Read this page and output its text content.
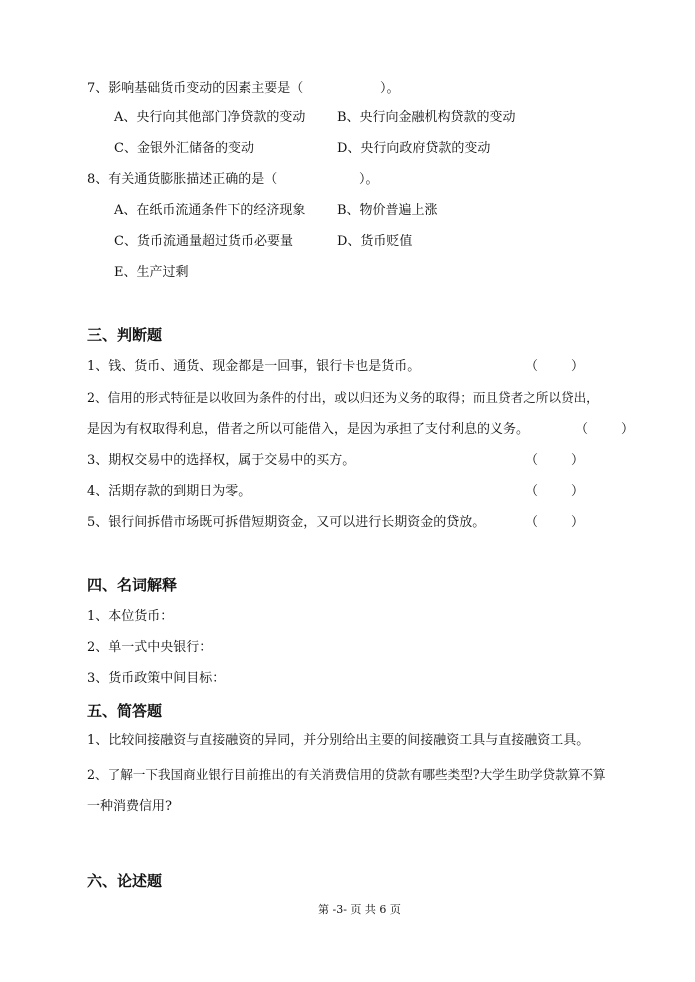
7、影响基础货币变动的因素主要是（	）。
A、央行向其他部门净贷款的变动 B、央行向金融机构贷款的变动
C、金银外汇储备的变动	D、央行向政府贷款的变动
8、有关通货膨胀描述正确的是（	）。
A、在纸币流通条件下的经济现象 B、物价普遍上涨
C、货币流通量超过货币必要量	D、货币贬值
E、生产过剩
三、判断题
1、钱、货币、通货、现金都是一回事，银行卡也是货币。	（        ）
2、信用的形式特征是以收回为条件的付出，或以归还为义务的取得；而且贷者之所以贷出，
是因为有权取得利息，借者之所以可能借入，是因为承担了支付利息的义务。	（        ）
3、期权交易中的选择权，属于交易中的买方。	（        ）
4、活期存款的到期日为零。	（        ）
5、银行间拆借市场既可拆借短期资金，又可以进行长期资金的贷放。	（        ）
四、名词解释
1、本位货币：
2、单一式中央银行：
3、货币政策中间目标：
五、简答题
1、比较间接融资与直接融资的异同，并分别给出主要的间接融资工具与直接融资工具。
2、了解一下我国商业银行目前推出的有关消费信用的贷款有哪些类型?大学生助学贷款算不算
一种消费信用?
六、论述题
第 -3- 页 共 6 页
